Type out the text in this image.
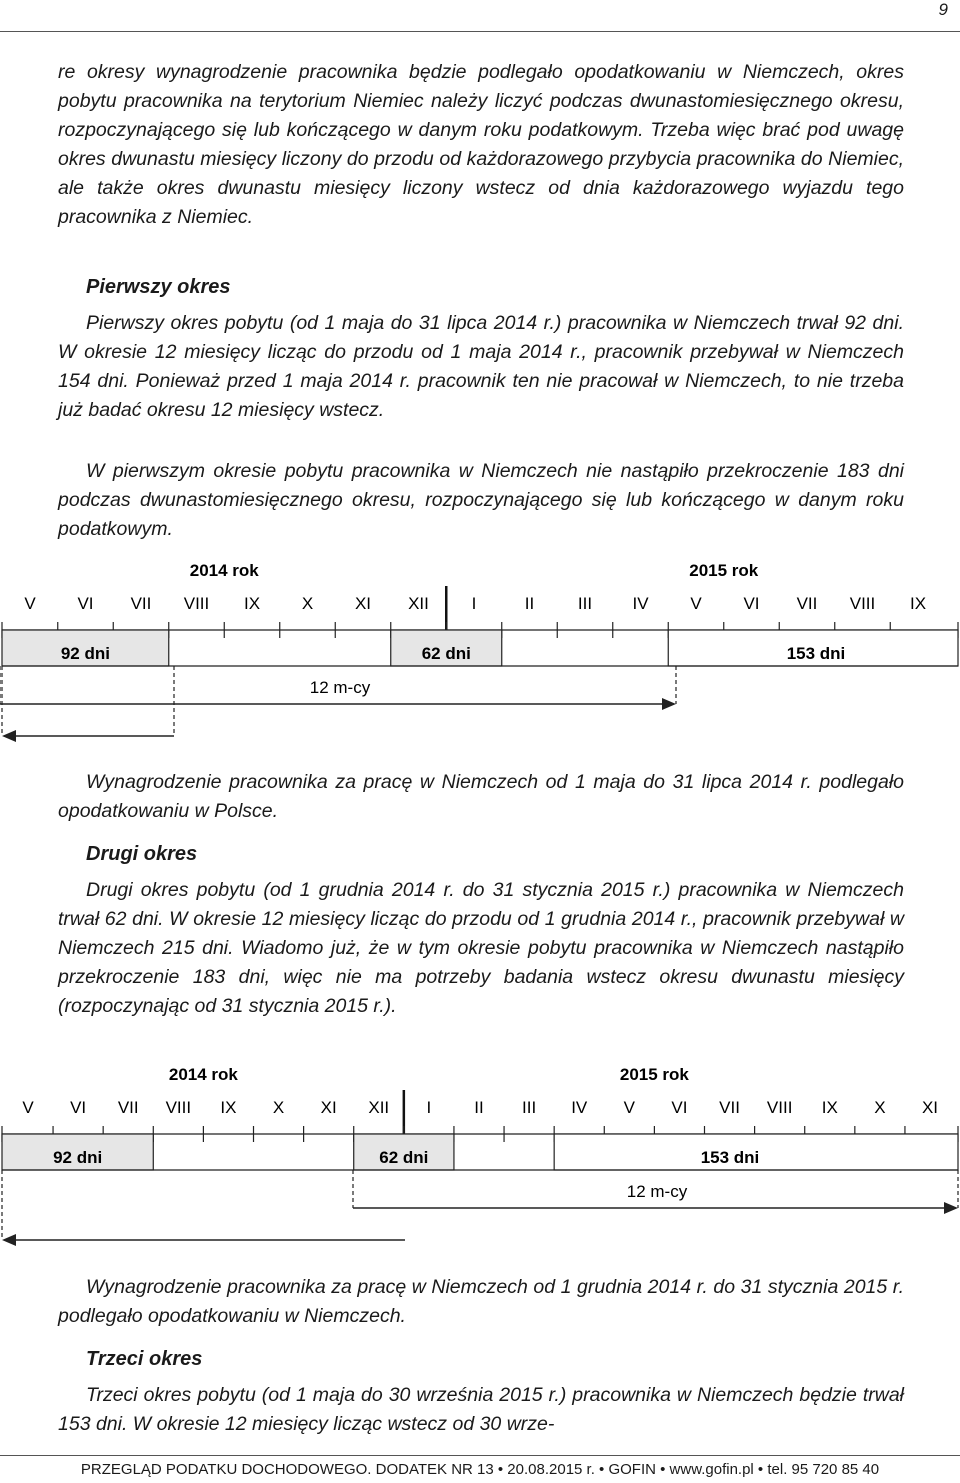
9

re okresy wynagrodzenie pracownika będzie podlegało opodatkowaniu w Niemczech, okres pobytu pracownika na terytorium Niemiec należy liczyć podczas dwunastomiesięcznego okresu, rozpoczynającego się lub kończącego w danym roku podatkowym. Trzeba więc brać pod uwagę okres dwunastu miesięcy liczony do przodu od każdorazowego przybycia pracownika do Niemiec, ale także okres dwunastu miesięcy liczony wstecz od dnia każdorazowego wyjazdu tego pracownika z Niemiec.

Pierwszy okres

Pierwszy okres pobytu (od 1 maja do 31 lipca 2014 r.) pracownika w Niemczech trwał 92 dni. W okresie 12 miesięcy licząc do przodu od 1 maja 2014 r., pracownik przebywał w Niemczech 154 dni. Ponieważ przed 1 maja 2014 r. pracownik ten nie pracował w Niemczech, to nie trzeba już badać okresu 12 miesięcy wstecz.

W pierwszym okresie pobytu pracownika w Niemczech nie nastąpiło przekroczenie 183 dni podczas dwunastomiesięcznego okresu, rozpoczynającego się lub kończącego w danym roku podatkowym.

2014 rok	2015 rok
V VI VII VIII IX X XI XII	I	II	III IV V VI VII VIII IX
92 dni	62 dni	153 dni
12 m-cy

Wynagrodzenie pracownika za pracę w Niemczech od 1 maja do 31 lipca 2014 r. podlegało opodatkowaniu w Polsce.

Drugi okres

Drugi okres pobytu (od 1 grudnia 2014 r. do 31 stycznia 2015 r.) pracownika w Niemczech trwał 62 dni. W okresie 12 miesięcy licząc do przodu od 1 grudnia 2014 r., pracownik przebywał w Niemczech 215 dni. Wiadomo już, że w tym okresie pobytu pracownika w Niemczech nastąpiło przekroczenie 183 dni, więc nie ma potrzeby badania wstecz okresu dwunastu miesięcy (rozpoczynając od 31 stycznia 2015 r.).

2014 rok	2015 rok
V VI VII VIII IX X XI XII I	II III IV V VI VII VIII IX X XI
92 dni	62 dni	153 dni
12 m-cy

Wynagrodzenie pracownika za pracę w Niemczech od 1 grudnia 2014 r. do 31 stycznia 2015 r. podlegało opodatkowaniu w Niemczech.

Trzeci okres

Trzeci okres pobytu (od 1 maja do 30 września 2015 r.) pracownika w Niemczech będzie trwał 153 dni. W okresie 12 miesięcy licząc wstecz od 30 wrze-

PRZEGLĄD PODATKU DOCHODOWEGO. DODATEK NR 13 • 20.08.2015 r. • GOFIN • www.gofin.pl • tel. 95 720 85 40
